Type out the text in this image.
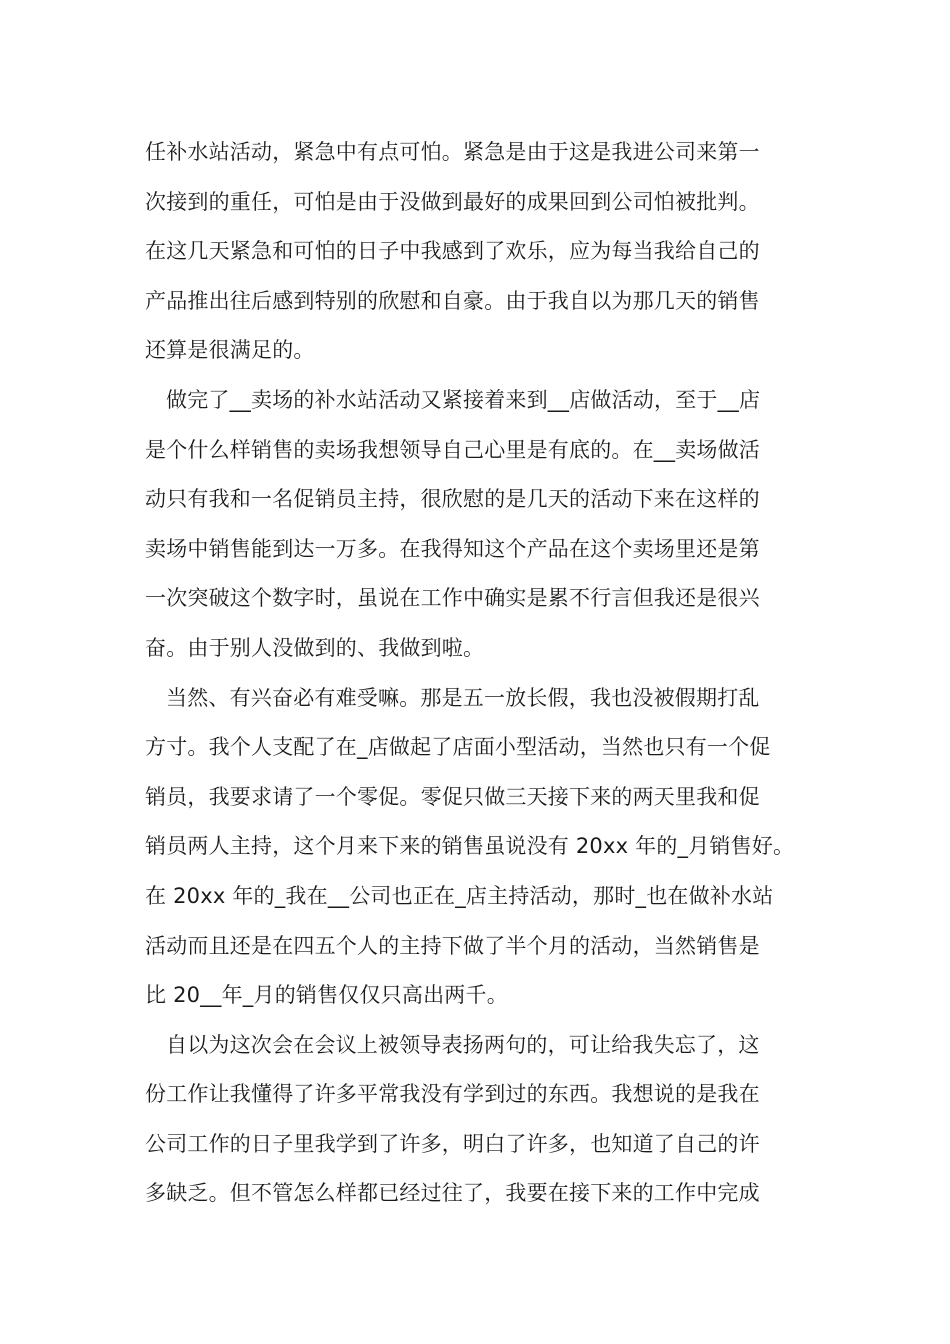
任补水站活动，紧急中有点可怕。紧急是由于这是我进公司来第一
次接到的重任，可怕是由于没做到最好的成果回到公司怕被批判。
在这几天紧急和可怕的日子中我感到了欢乐，应为每当我给自己的
产品推出往后感到特别的欣慰和自豪。由于我自以为那几天的销售
还算是很满足的。
做完了__卖场的补水站活动又紧接着来到__店做活动，至于__店
是个什么样销售的卖场我想领导自己心里是有底的。在__卖场做活
动只有我和一名促销员主持，很欣慰的是几天的活动下来在这样的
卖场中销售能到达一万多。在我得知这个产品在这个卖场里还是第
一次突破这个数字时，虽说在工作中确实是累不行言但我还是很兴
奋。由于别人没做到的、我做到啦。
当然、有兴奋必有难受嘛。那是五一放长假，我也没被假期打乱
方寸。我个人支配了在_店做起了店面小型活动，当然也只有一个促
销员，我要求请了一个零促。零促只做三天接下来的两天里我和促
销员两人主持，这个月来下来的销售虽说没有 20xx 年的_月销售好。
在 20xx 年的_我在__公司也正在_店主持活动，那时_也在做补水站
活动而且还是在四五个人的主持下做了半个月的活动，当然销售是
比 20__年_月的销售仅仅只高出两千。
自以为这次会在会议上被领导表扬两句的，可让给我失忘了，这
份工作让我懂得了许多平常我没有学到过的东西。我想说的是我在
公司工作的日子里我学到了许多，明白了许多，也知道了自己的许
多缺乏。但不管怎么样都已经过往了，我要在接下来的工作中完成
